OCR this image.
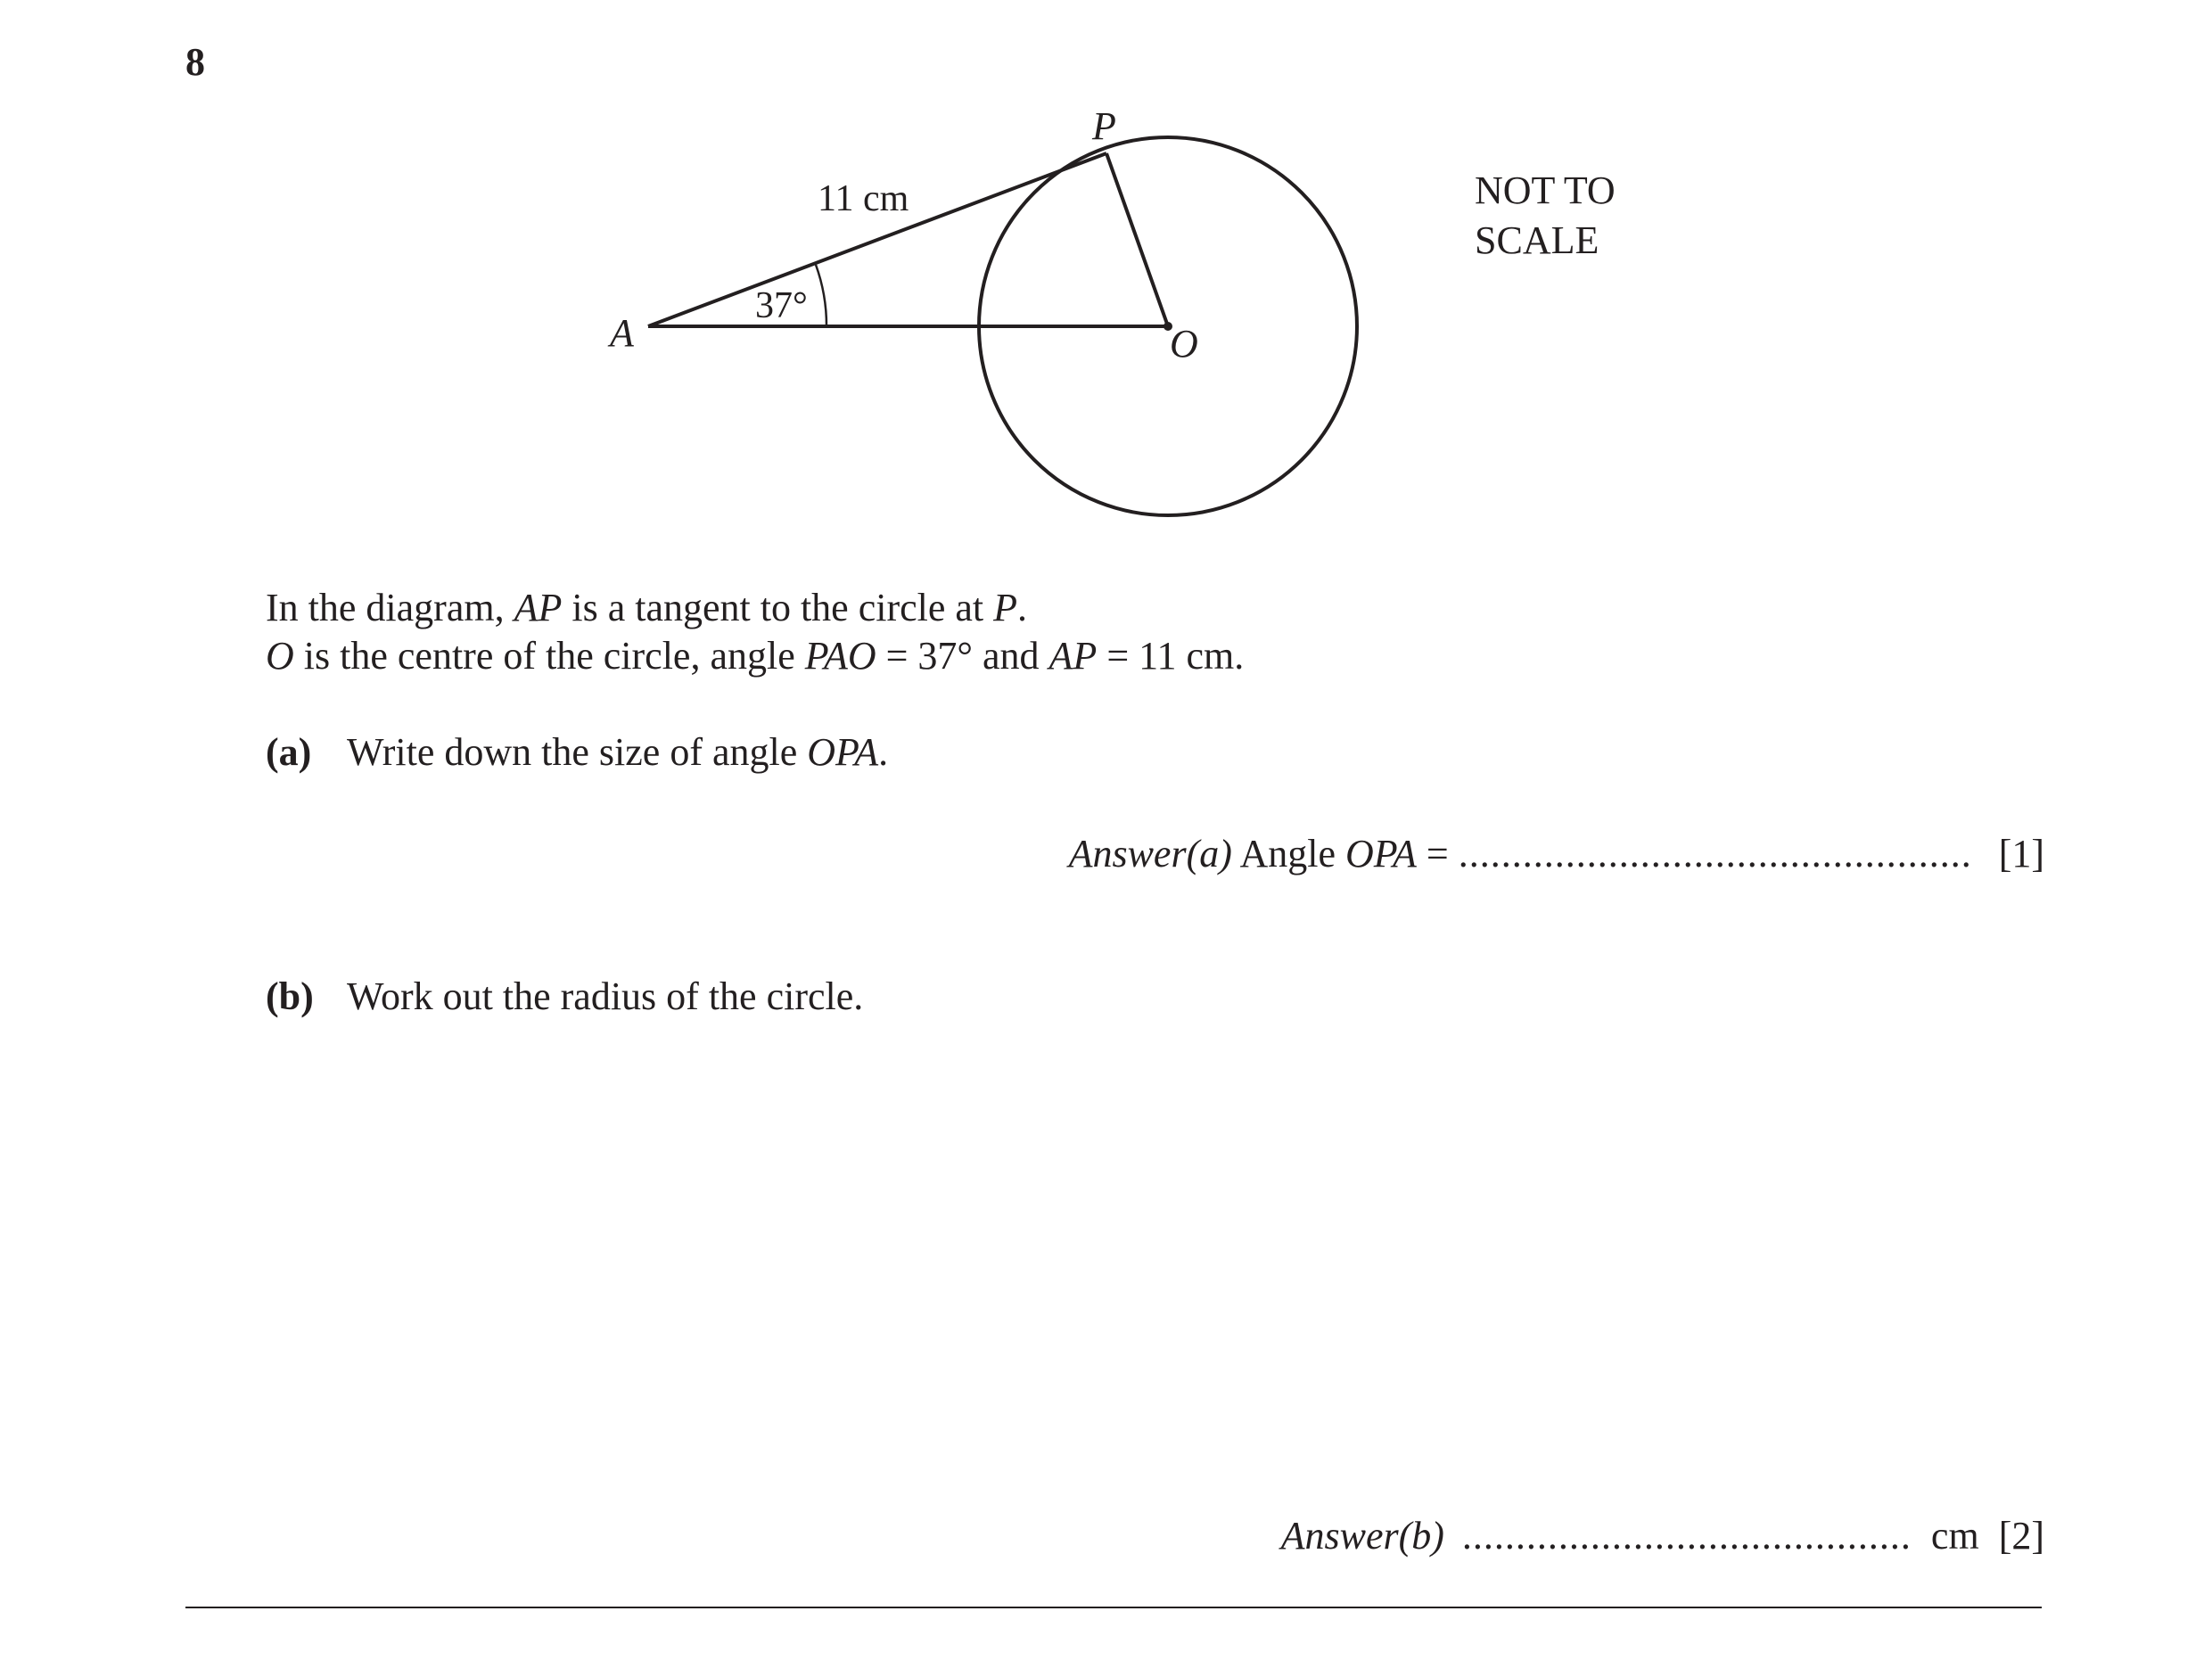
8
A
P
O
11 cm
37°
NOT TO
SCALE
In the diagram, AP is a tangent to the circle at P.
O is the centre of the circle, angle PAO = 37° and AP = 11 cm.
(a) Write down the size of angle OPA.
Answer(a) Angle OPA = ................................................ [1]
(b) Work out the radius of the circle.
Answer(b) .......................................... cm [2]
